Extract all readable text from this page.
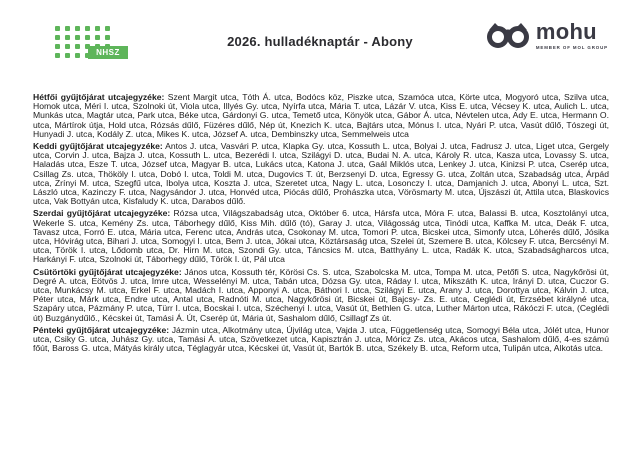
NHSZ
2026. hulladéknaptár - Abony	mohu
MEMBER OF MOL GROUP

Hétfői gyűjtőjárat utcajegyzéke: Szent Margit utca, Tóth Á. utca, Bodócs köz, Piszke utca, Szamóca utca, Körte utca, Mogyoró utca, Szilva utca, Homok utca, Méri I. utca, Szolnoki út, Viola utca, Illyés Gy. utca, Nyírfa utca, Mária T. utca, Lázár V. utca, Kiss E. utca, Vécsey K. utca, Aulich L. utca, Munkás utca, Magtár utca, Park utca, Béke utca, Gárdonyi G. utca, Temető utca, Könyök utca, Gábor Á. utca, Névtelen utca, Ady E. utca, Hermann O. utca, Mártírok útja, Hold utca, Rózsás dűlő, Füzéres dűlő, Nép út, Knezich K. utca, Bajtárs utca, Mónus I. utca, Nyári P. utca, Vasút dűlő, Tószegi út, Hunyadi J. utca, Kodály Z. utca, Mikes K. utca, József A. utca, Dembinszky utca, Semmelweis utca

Keddi gyűjtőjárat utcajegyzéke: Antos J. utca, Vasvári P. utca, Klapka Gy. utca, Kossuth L. utca, Bolyai J. utca, Fadrusz J. utca, Liget utca, Gergely utca, Corvin J. utca, Bajza J. utca, Kossuth L. utca, Bezerédi I. utca, Szilágyi D. utca, Budai N. A. utca, Károly R. utca, Kasza utca, Lovassy S. utca, Haladás utca, Esze T. utca, József utca, Magyar B. utca, Lukács utca, Katona J. utca, Gaál Miklós utca, Lenkey J. utca, Kinizsi P. utca, Cserép utca, Csillag Zs. utca, Thököly I. utca, Dobó I. utca, Toldi M. utca, Dugovics T. út, Berzsenyi D. utca, Egressy G. utca, Zoltán utca, Szabadság utca, Árpád utca, Zrínyi M. utca, Szegfű utca, Ibolya utca, Koszta J. utca, Szeretet utca, Nagy L. utca, Losonczy I. utca, Damjanich J. utca, Abonyi L. utca, Szt. László utca, Kazinczy F. utca, Nagysándor J. utca, Honvéd utca, Piócás dűlő, Prohászka utca, Vörösmarty M. utca, Újszászi út, Attila utca, Blaskovics utca, Vak Bottyán utca, Kisfaludy K. utca, Darabos dűlő.

Szerdai gyűjtőjárat utcajegyzéke: Rózsa utca, Világszabadság utca, Október 6. utca, Hársfa utca, Móra F. utca, Balassi B. utca, Kosztolányi utca, Wekerle S. utca, Kemény Zs. utca, Táborhegy dűlő, Kiss Mih. dűlő (tó), Garay J. utca, Világosság utca, Tinódi utca, Kaffka M. utca, Deák F. utca, Tavasz utca, Forró E. utca, Mária utca, Ferenc utca, András utca, Csokonay M. utca, Tomori P. utca, Bicskei utca, Simonfy utca, Lóherés dűlő, Jósika utca, Hóvirág utca, Bihari J. utca, Somogyi I. utca, Bem J. utca, Jókai utca, Köztársaság utca, Szelei út, Szemere B. utca, Kölcsey F. utca, Bercsényi M. utca, Török I. utca, Lődomb utca, Dr. Hirn M. utca, Szondi Gy. utca, Táncsics M. utca, Batthyány L. utca, Radák K. utca, Szabadságharcos utca, Harkányi F. utca, Szolnoki út, Táborhegy dűlő, Török I. út, Pál utca

Csütörtöki gyűjtőjárat utcajegyzéke: János utca, Kossuth tér, Körösi Cs. S. utca, Szabolcska M. utca, Tompa M. utca, Petőfi S. utca, Nagykőrösi út, Degré A. utca, Eötvös J. utca, Imre utca, Wesselényi M. utca, Tabán utca, Dózsa Gy. utca, Ráday I. utca, Mikszáth K. utca, Irányi D. utca, Cuczor G. utca, Munkácsy M. utca, Erkel F. utca, Madách I. utca, Apponyi A. utca, Báthori I. utca, Szilágyi E. utca, Arany J. utca, Dorottya utca, Kálvin J. utca, Péter utca, Márk utca, Endre utca, Antal utca, Radnóti M. utca, Nagykőrösi út, Bicskei út, Bajcsy- Zs. E. utca, Ceglédi út, Erzsébet királyné utca, Szapáry utca, Pázmány P. utca, Türr I. utca, Bocskai I. utca, Széchenyi I. utca, Vasút út, Bethlen G. utca, Luther Márton utca, Rákóczi F. utca, (Ceglédi út) Buzgánydűlő., Kécskei út, Tamási Á. Út, Cserép út, Mária út, Sashalom dűlő, Csillagf Zs út.

Pénteki gyűjtőjárat utcajegyzéke: Jázmin utca, Alkotmány utca, Újvilág utca, Vajda J. utca, Függetlenség utca, Somogyi Béla utca, Jólét utca, Hunor utca, Csiky G. utca, Juhász Gy. utca, Tamási Á. utca, Szövetkezet utca, Kapisztrán J. utca, Móricz Zs. utca, Akácos utca, Sashalom dűlő, 4-es számú főút, Baross G. utca, Mátyás király utca, Téglagyár utca, Kécskei út, Vasút út, Bartók B. utca, Székely B. utca, Reform utca, Tulipán utca, Alkotás utca.
